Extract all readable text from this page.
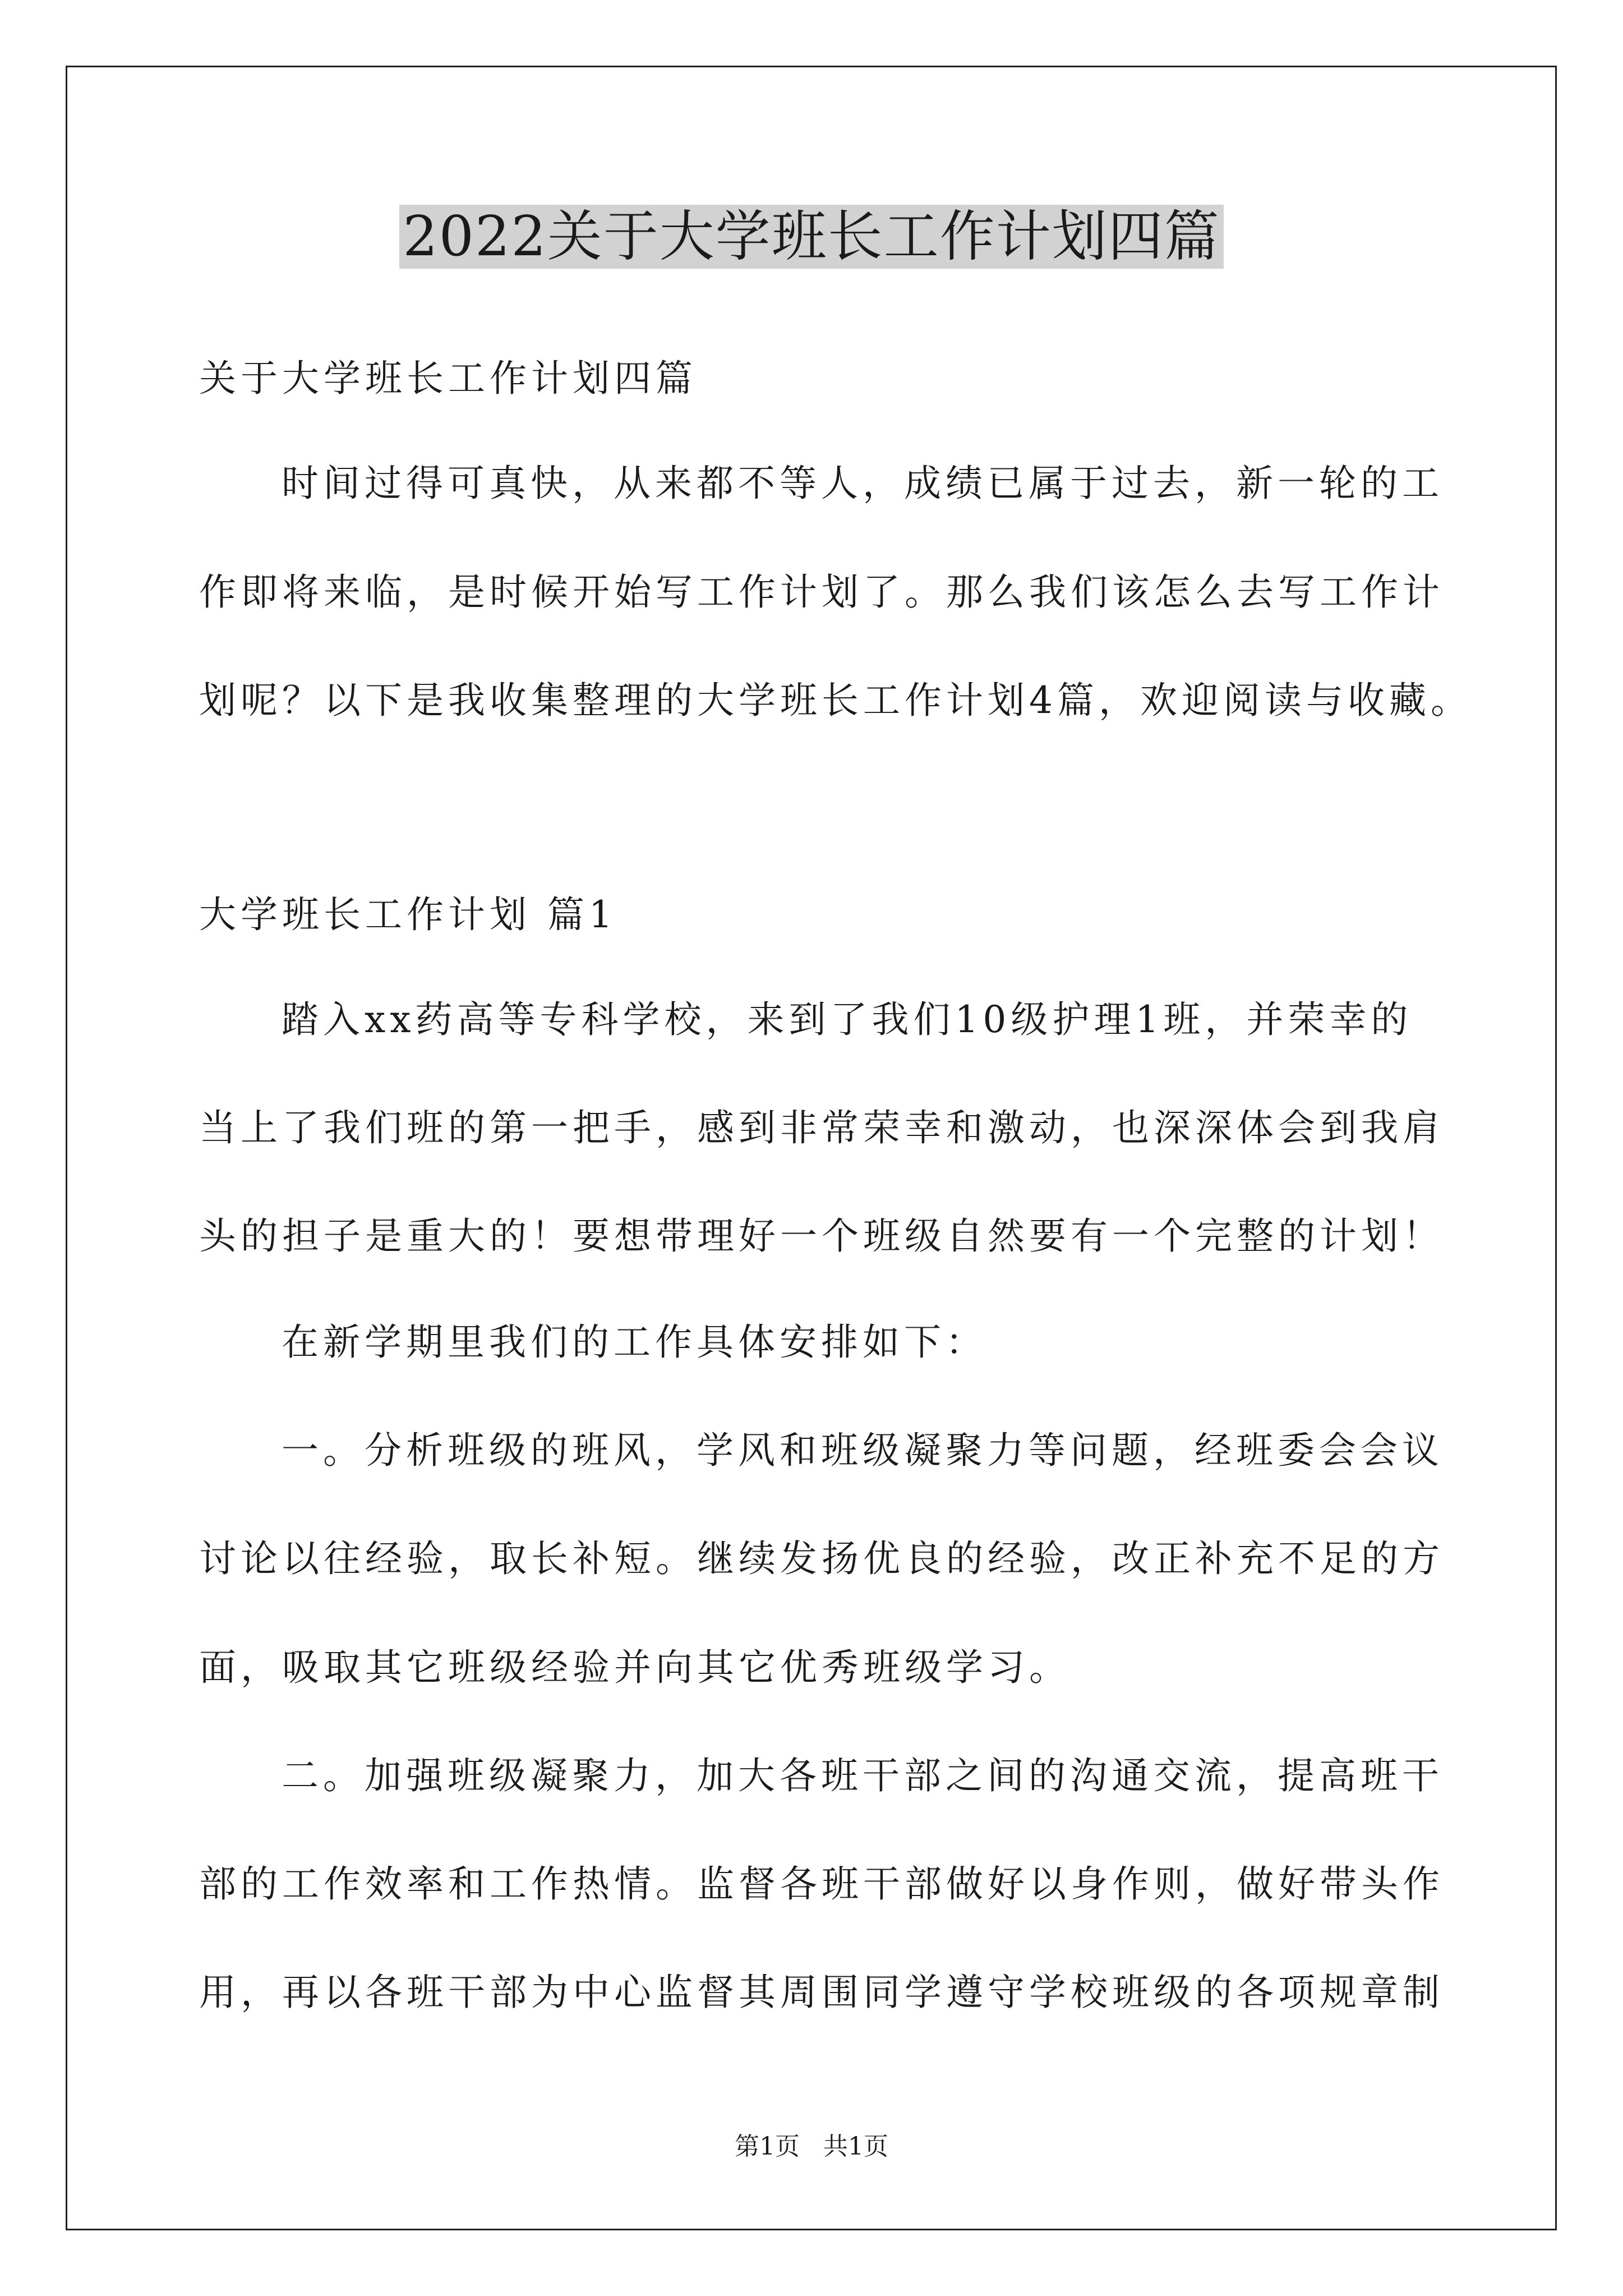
2022关于大学班长工作计划四篇
关于大学班长工作计划四篇
时间过得可真快，从来都不等人，成绩已属于过去，新一轮的工
作即将来临，是时候开始写工作计划了。那么我们该怎么去写工作计
划呢？以下是我收集整理的大学班长工作计划4篇，欢迎阅读与收藏。
大学班长工作计划 篇1
踏入xx药高等专科学校，来到了我们10级护理1班，并荣幸的
当上了我们班的第一把手，感到非常荣幸和激动，也深深体会到我肩
头的担子是重大的！要想带理好一个班级自然要有一个完整的计划！
在新学期里我们的工作具体安排如下：
一。分析班级的班风，学风和班级凝聚力等问题，经班委会会议
讨论以往经验，取长补短。继续发扬优良的经验，改正补充不足的方
面，吸取其它班级经验并向其它优秀班级学习。
二。加强班级凝聚力，加大各班干部之间的沟通交流，提高班干
部的工作效率和工作热情。监督各班干部做好以身作则，做好带头作
用，再以各班干部为中心监督其周围同学遵守学校班级的各项规章制
第1页   共1页
